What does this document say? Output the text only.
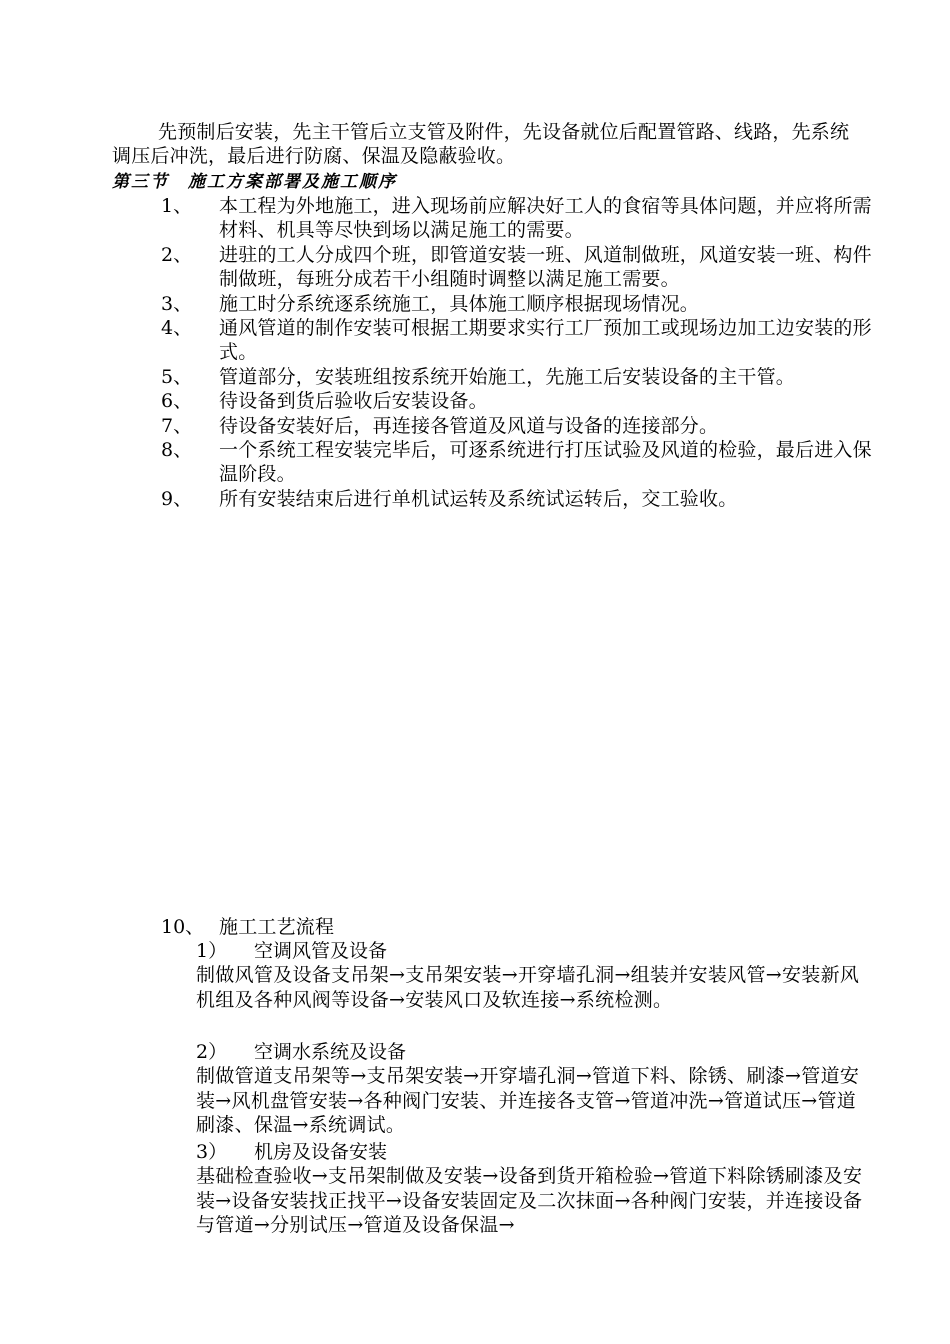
先预制后安装，先主干管后立支管及附件，先设备就位后配置管路、线路，先系统调压后冲洗，最后进行防腐、保温及隐蔽验收。

第三节　施工方案部署及施工顺序

1、	本工程为外地施工，进入现场前应解决好工人的食宿等具体问题，并应将所需材料、机具等尽快到场以满足施工的需要。
2、	进驻的工人分成四个班，即管道安装一班、风道制做班，风道安装一班、构件制做班，每班分成若干小组随时调整以满足施工需要。
3、	施工时分系统逐系统施工，具体施工顺序根据现场情况。
4、	通风管道的制作安装可根据工期要求实行工厂预加工或现场边加工边安装的形式。
5、	管道部分，安装班组按系统开始施工，先施工后安装设备的主干管。
6、	待设备到货后验收后安装设备。
7、	待设备安装好后，再连接各管道及风道与设备的连接部分。
8、	一个系统工程安装完毕后，可逐系统进行打压试验及风道的检验，最后进入保温阶段。
9、	所有安装结束后进行单机试运转及系统试运转后，交工验收。
10、 施工工艺流程
1） 空调风管及设备

制做风管及设备支吊架→支吊架安装→开穿墙孔洞→组装并安装风管→安装新风机组及各种风阀等设备→安装风口及软连接→系统检测。

2） 空调水系统及设备

制做管道支吊架等→支吊架安装→开穿墙孔洞→管道下料、除锈、刷漆→管道安装→风机盘管安装→各种阀门安装、并连接各支管→管道冲洗→管道试压→管道刷漆、保温→系统调试。

3） 机房及设备安装

基础检查验收→支吊架制做及安装→设备到货开箱检验→管道下料除锈刷漆及安装→设备安装找正找平→设备安装固定及二次抹面→各种阀门安装，并连接设备与管道→分别试压→管道及设备保温→
